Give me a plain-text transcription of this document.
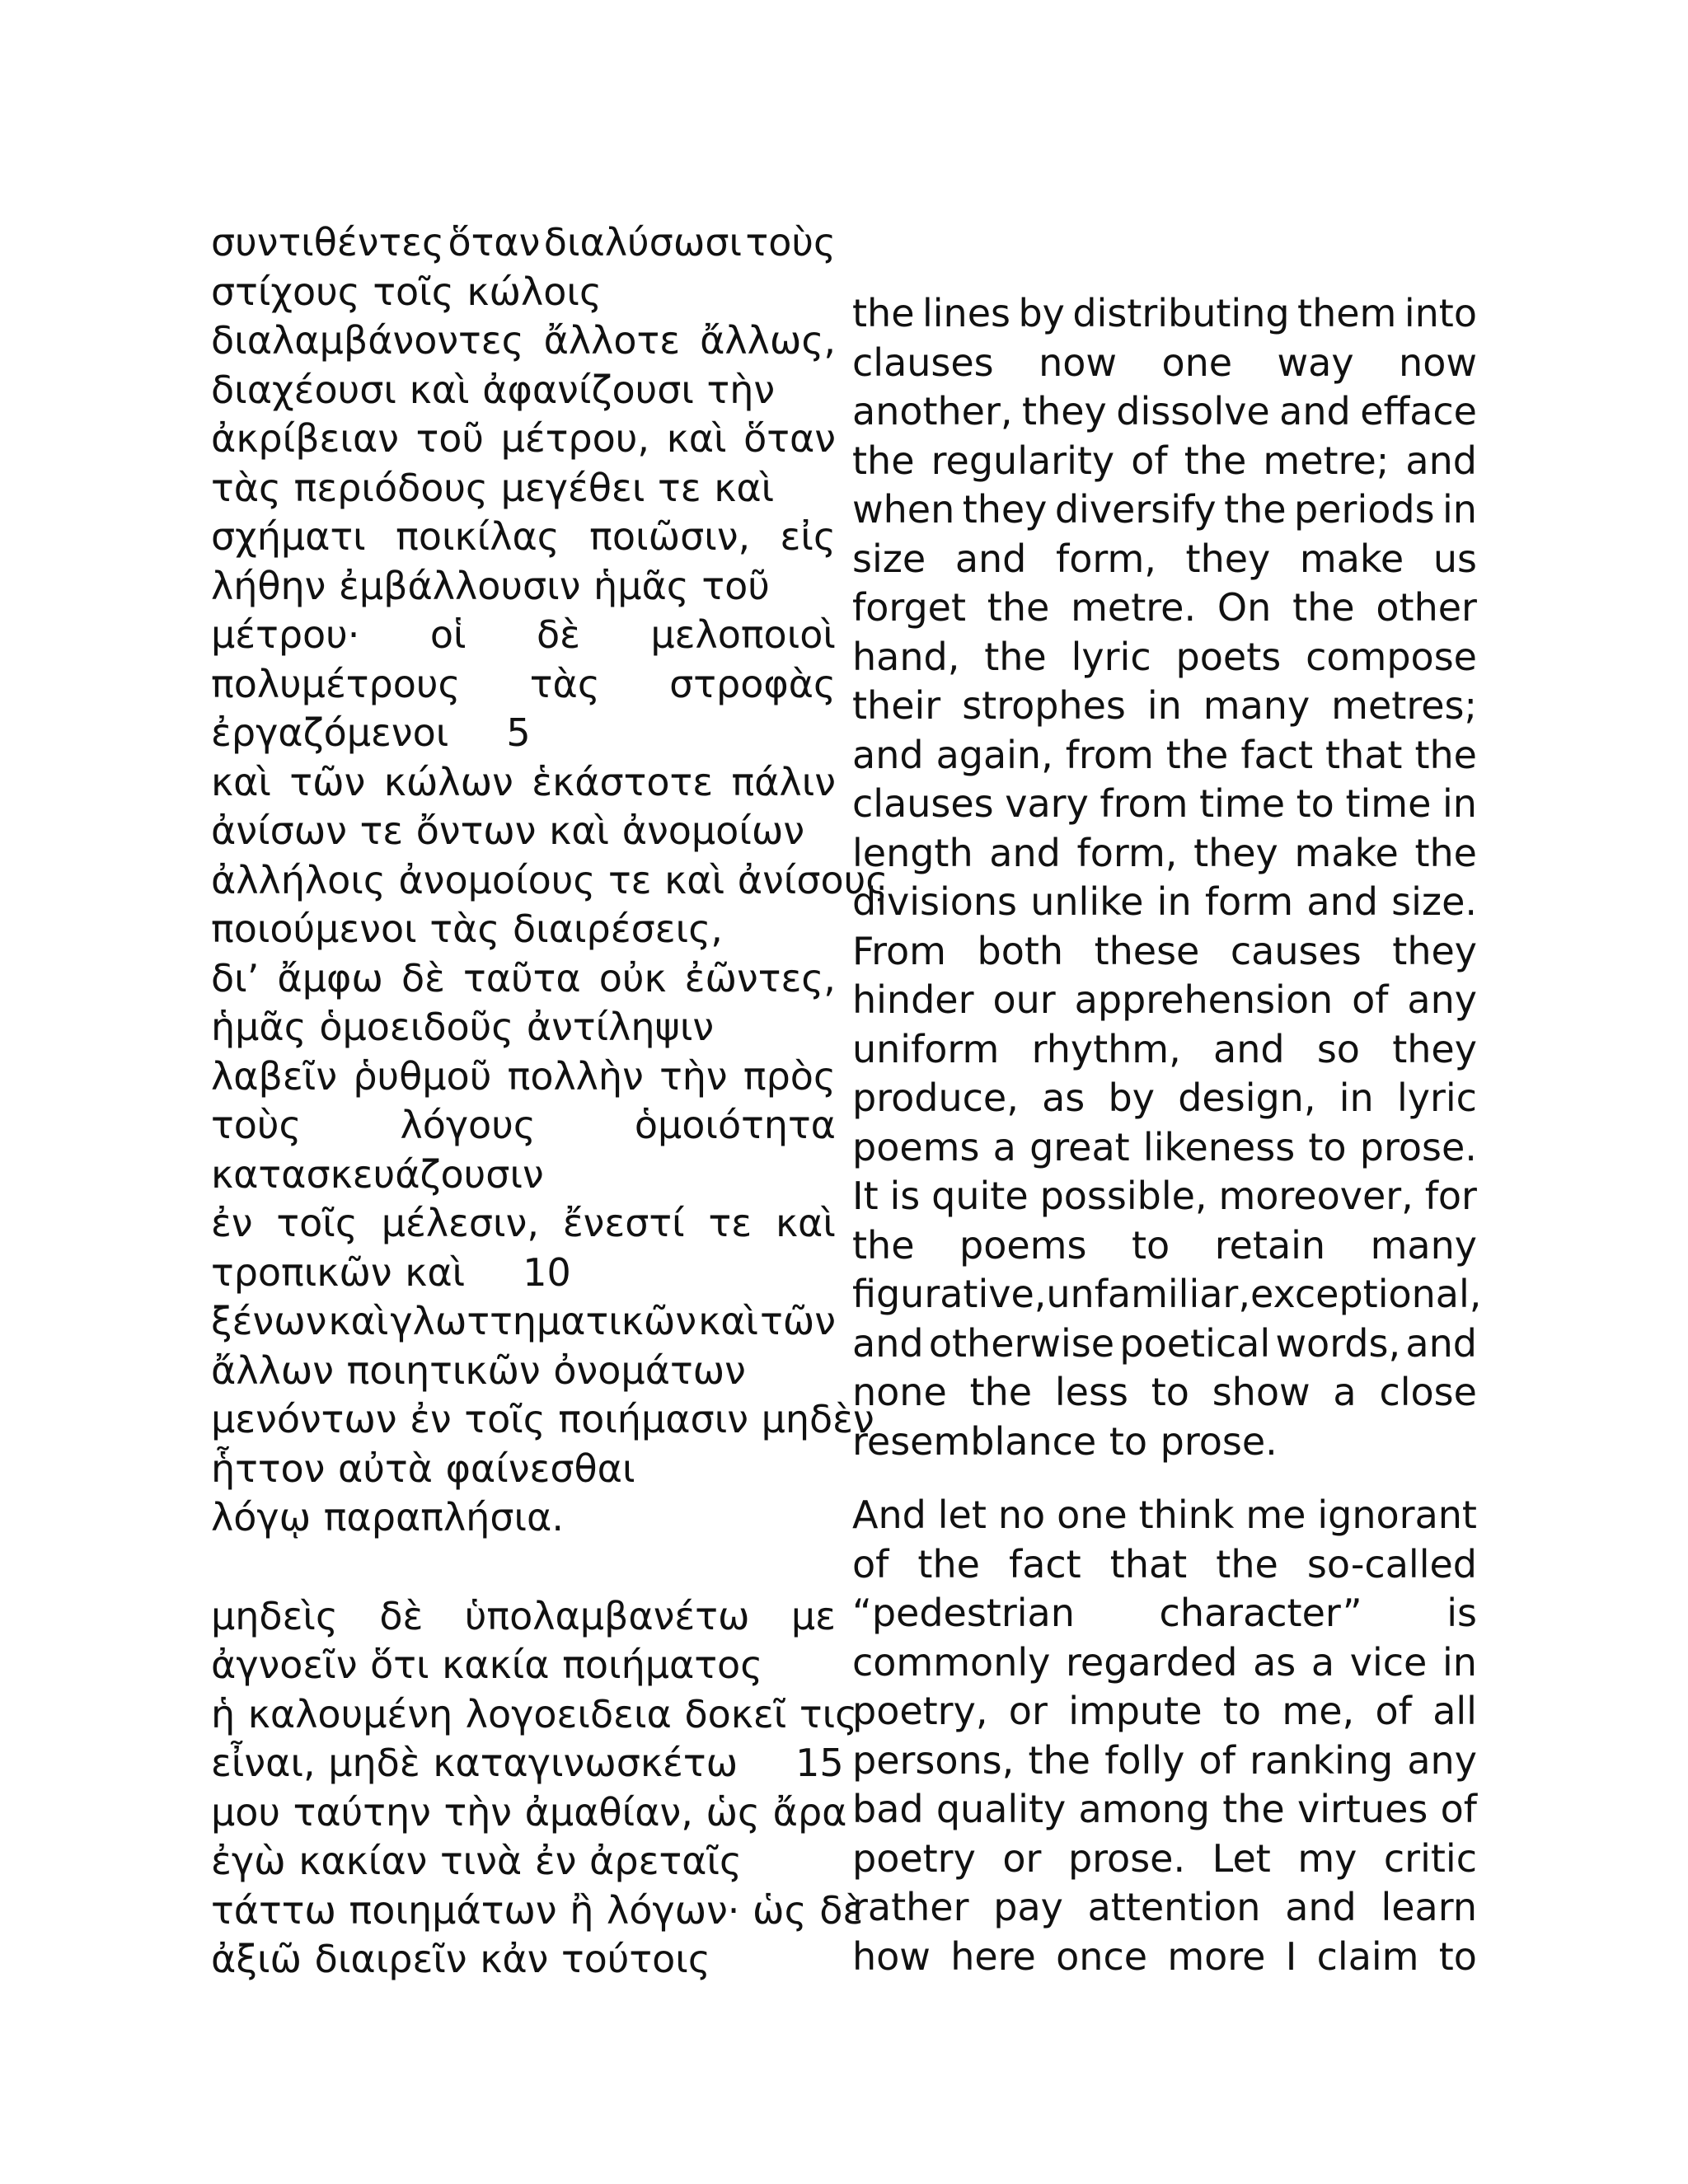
συντιθέντες ὅταν διαλύσωσι τοὺς
στίχους τοῖς κώλοις
διαλαμβάνοντες ἄλλοτε ἄλλως,
διαχέουσι καὶ ἀφανίζουσι τὴν
ἀκρίβειαν τοῦ μέτρου, καὶ ὅταν
τὰς περιόδους μεγέθει τε καὶ
σχήματι ποικίλας ποιῶσιν, εἰς
λήθην ἐμβάλλουσιν ἡμᾶς τοῦ
μέτρου· οἱ δὲ μελοποιοὶ
πολυμέτρους τὰς στροφὰς
ἐργαζόμενοι 5
καὶ τῶν κώλων ἑκάστοτε πάλιν
ἀνίσων τε ὄντων καὶ ἀνομοίων
ἀλλήλοις ἀνομοίους τε καὶ ἀνίσους
ποιούμενοι τὰς διαιρέσεις,
δι’ ἄμφω δὲ ταῦτα οὐκ ἐῶντες,
ἡμᾶς ὁμοειδοῦς ἀντίληψιν
λαβεῖν ῥυθμοῦ πολλὴν τὴν πρὸς
τοὺς	λόγους	ὁμοιότητα
κατασκευάζουσιν
ἐν τοῖς μέλεσιν, ἔνεστί τε καὶ
τροπικῶν καὶ 10
ξένων καὶ γλωττηματικῶν καὶ τῶν
ἄλλων ποιητικῶν ὀνομάτων
μενόντων ἐν τοῖς ποιήμασιν μηδὲν
ἧττον αὐτὰ φαίνεσθαι
λόγῳ παραπλήσια.
μηδεὶς δὲ ὑπολαμβανέτω με
ἀγνοεῖν ὅτι κακία ποιήματος
ἡ καλουμένη λογοειδεια δοκεῖ τις
εἶναι, μηδὲ καταγινωσκέτω 15
μου ταύτην τὴν ἀμαθίαν, ὡς ἄρα
ἐγὼ κακίαν τινὰ ἐν ἀρεταῖς
τάττω ποιημάτων ἢ λόγων· ὡς δὲ
ἀξιῶ διαιρεῖν κἀν τούτοις
the lines by distributing them into
clauses now one way now
another, they dissolve and efface
the regularity of the metre; and
when they diversify the periods in
size and form, they make us
forget the metre. On the other
hand, the lyric poets compose
their strophes in many metres;
and again, from the fact that the
clauses vary from time to time in
length and form, they make the
divisions unlike in form and size.
From both these causes they
hinder our apprehension of any
uniform rhythm, and so they
produce, as by design, in lyric
poems a great likeness to prose.
It is quite possible, moreover, for
the poems to retain many
figurative, unfamiliar, exceptional,
and otherwise poetical words, and
none the less to show a close
resemblance to prose.
And let no one think me ignorant
of the fact that the so-called
“pedestrian character” is
commonly regarded as a vice in
poetry, or impute to me, of all
persons, the folly of ranking any
bad quality among the virtues of
poetry or prose. Let my critic
rather pay attention and learn
how here once more I claim to
